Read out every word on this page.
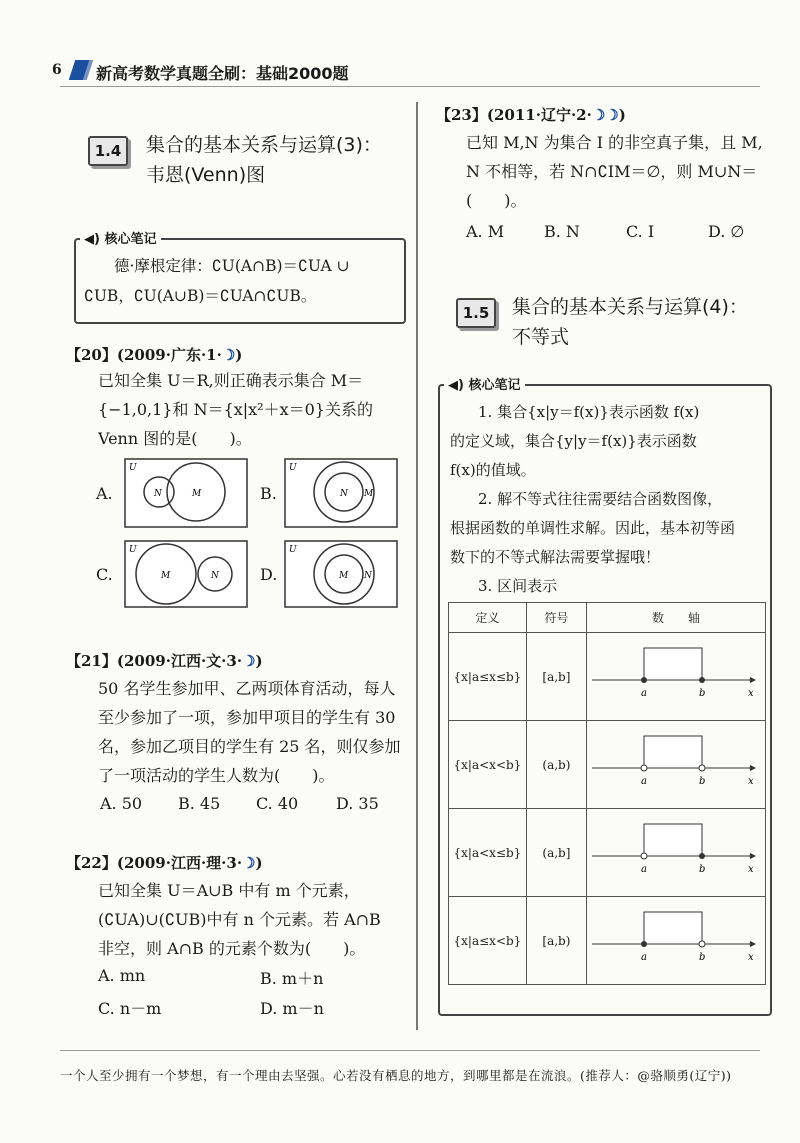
6 新高考数学真题全刷：基础2000题
1.4	集合的基本关系与运算(3)：
韦恩(Venn)图
◀) 核心笔记
德·摩根定律：∁U(A∩B)＝∁UA ∪
∁UB，∁U(A∪B)＝∁UA∩∁UB。
【20】(2009·广东·1·☽)
已知全集 U＝R,则正确表示集合 M＝
{−1,0,1}和 N＝{x|x²＋x＝0}关系的
Venn 图的是(　　)。
A.
U
N	M	B.
U
N M
C.
U
M	N	D.
U
M N
【21】(2009·江西·文·3·☽)
50 名学生参加甲、乙两项体育活动，每人
至少参加了一项，参加甲项目的学生有 30
名，参加乙项目的学生有 25 名，则仅参加
了一项活动的学生人数为(　　)。
A. 50 B. 45 C. 40 D. 35
【22】(2009·江西·理·3·☽)
已知全集 U＝A∪B 中有 m 个元素，
(∁UA)∪(∁UB)中有 n 个元素。若 A∩B
非空，则 A∩B 的元素个数为(　　)。
A. mn	B. m＋n
C. n－m	D. m－n
【23】(2011·辽宁·2·☽☽)
已知 M,N 为集合 I 的非空真子集，且 M,
N 不相等，若 N∩∁IM＝∅，则 M∪N＝
(　　)。
A. M B. N	C. I	D. ∅
1.5	集合的基本关系与运算(4)：
不等式
◀) 核心笔记
1. 集合{x|y＝f(x)}表示函数 f(x)
的定义域，集合{y|y＝f(x)}表示函数
f(x)的值域。
2. 解不等式往往需要结合函数图像，
根据函数的单调性求解。因此，基本初等函
数下的不等式解法需要掌握哦！
3. 区间表示
定义	符号	数　　轴
{x|a≤x≤b}	[a,b]	a b x

{x|a<x<b}	(a,b)	a b x

{x|a<x≤b}	(a,b]	a b x

{x|a≤x<b}	[a,b)	a b x
一个人至少拥有一个梦想，有一个理由去坚强。心若没有栖息的地方，到哪里都是在流浪。(推荐人：@骆顺勇(辽宁))
